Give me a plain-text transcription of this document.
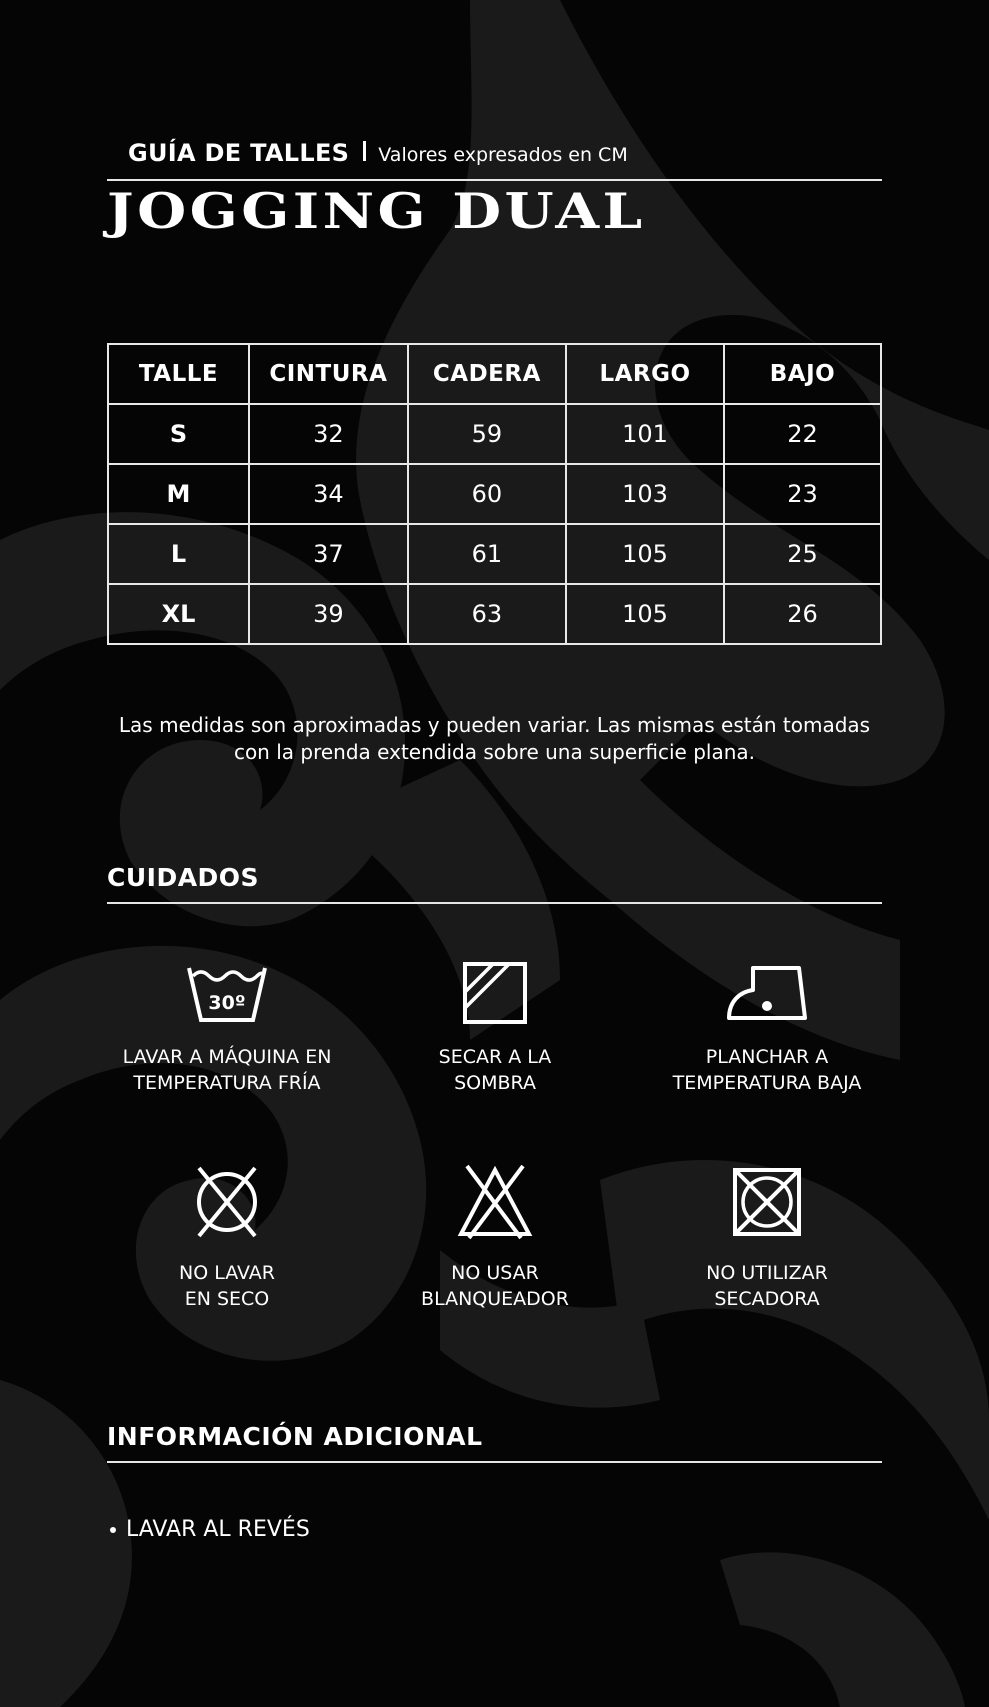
GUÍA DE TALLES Valores expresados en CM
JOGGING DUAL
TALLE	CINTURA	CADERA	LARGO	BAJO
S	32	59	101	22
M	34	60	103	23
L	37	61	105	25
XL	39	63	105	26
Las medidas son aproximadas y pueden variar. Las mismas están tomadas
con la prenda extendida sobre una superficie plana.
CUIDADOS
30º
LAVAR A MÁQUINA EN
TEMPERATURA FRÍA
SECAR A LA
SOMBRA
PLANCHAR A
TEMPERATURA BAJA
NO LAVAR
EN SECO
NO USAR
BLANQUEADOR
NO UTILIZAR
SECADORA
INFORMACIÓN ADICIONAL
LAVAR AL REVÉS
